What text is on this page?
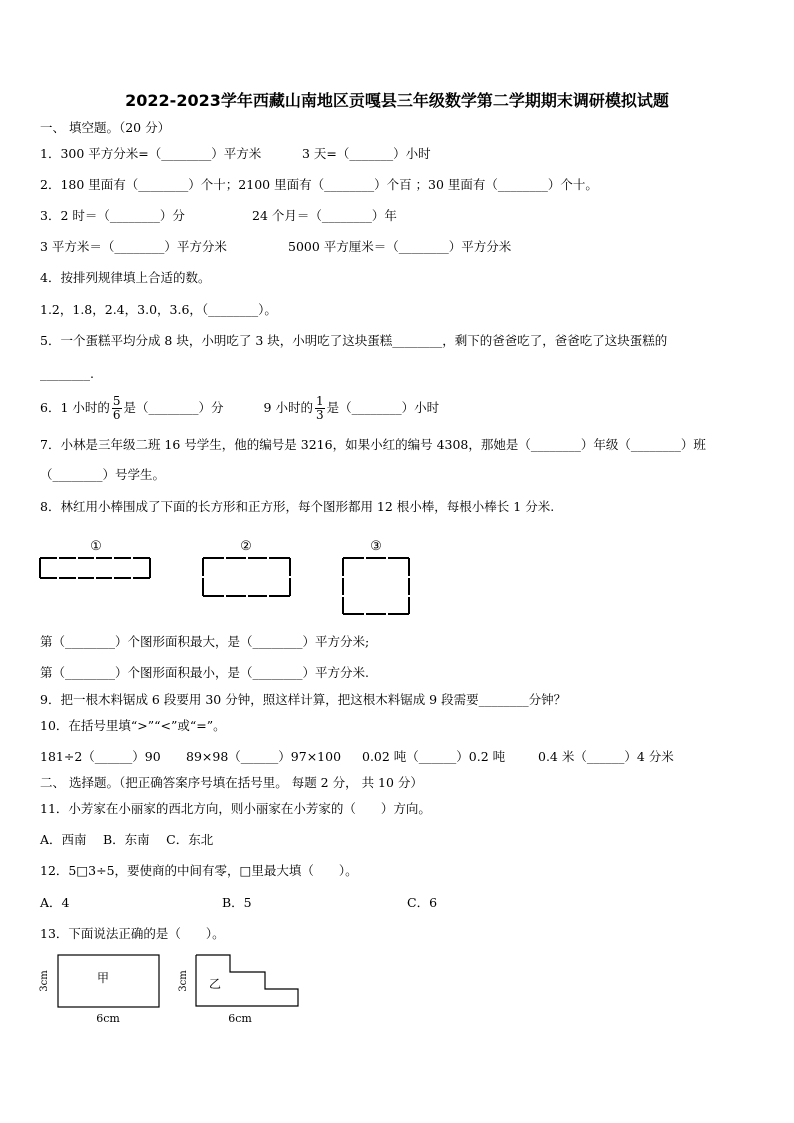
2022-2023学年西藏山南地区贡嘎县三年级数学第二学期期末调研模拟试题
一、 填空题。（20 分）
1．300 平方分米=（________）平方米	3 天=（_______）小时
2．180 里面有（________）个十；2100 里面有（________）个百 ；30 里面有（________）个十。
3．2 时＝（________）分	24 个月＝（________）年
3 平方米＝（________）平方分米	5000 平方厘米＝（________）平方分米
4．按排列规律填上合适的数。
1.2，1.8，2.4，3.0，3.6，（________）。
5．一个蛋糕平均分成 8 块，小明吃了 3 块，小明吃了这块蛋糕________，剩下的爸爸吃了，爸爸吃了这块蛋糕的
________.
6．1 小时的 $\frac{5}{6}$ 是（________）分	9 小时的 $\frac{1}{3}$ 是（________）小时
7．小林是三年级二班 16 号学生，他的编号是 3216，如果小红的编号 4308，那她是（________）年级（________）班
（________）号学生。
8．林红用小棒围成了下面的长方形和正方形，每个图形都用 12 根小棒，每根小棒长 1 分米.
①	②	③
甲
3cm
6cm
乙
3cm
6cm
第（________）个图形面积最大，是（________）平方分米;
第（________）个图形面积最小，是（________）平方分米.
9．把一根木料锯成 6 段要用 30 分钟，照这样计算，把这根木料锯成 9 段需要________分钟？
10．在括号里填“>”“<”或“=”。
181÷2（______）90 89×98（______）97×100 0.02 吨（______）0.2 吨	0.4 米（______）4 分米
二、 选择题。（把正确答案序号填在括号里。 每题 2 分， 共 10 分）
11．小芳家在小丽家的西北方向，则小丽家在小芳家的（　　）方向。
A．西南　 B．东南　 C．东北
12．5□3÷5，要使商的中间有零，□里最大填（　　）。
A．4	B．5	C．6
13．下面说法正确的是（　　）。
